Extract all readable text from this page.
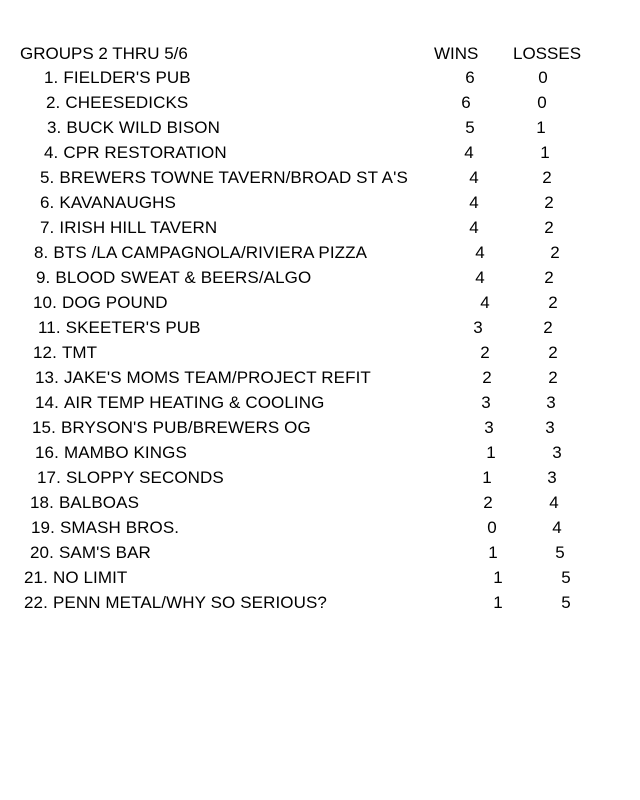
GROUPS 2 THRU 5/6	WINS LOSSES
1. FIELDER'S PUB	6	0
2. CHEESEDICKS	6	0
3. BUCK WILD BISON	5	1
4. CPR RESTORATION	4	1
5. BREWERS TOWNE TAVERN/BROAD ST A'S	4	2
6. KAVANAUGHS	4	2
7. IRISH HILL TAVERN	4	2
8. BTS /LA CAMPAGNOLA/RIVIERA PIZZA	4	2
9. BLOOD SWEAT & BEERS/ALGO	4	2
10. DOG POUND	4	2
11. SKEETER'S PUB	3	2
12. TMT	2	2
13. JAKE'S MOMS TEAM/PROJECT REFIT	2	2
14. AIR TEMP HEATING & COOLING	3	3
15. BRYSON'S PUB/BREWERS OG	3	3
16. MAMBO KINGS	1	3
17. SLOPPY SECONDS	1	3
18. BALBOAS	2	4
19. SMASH BROS.	0	4
20. SAM'S BAR	1	5
21. NO LIMIT	1	5
22. PENN METAL/WHY SO SERIOUS?	1	5
